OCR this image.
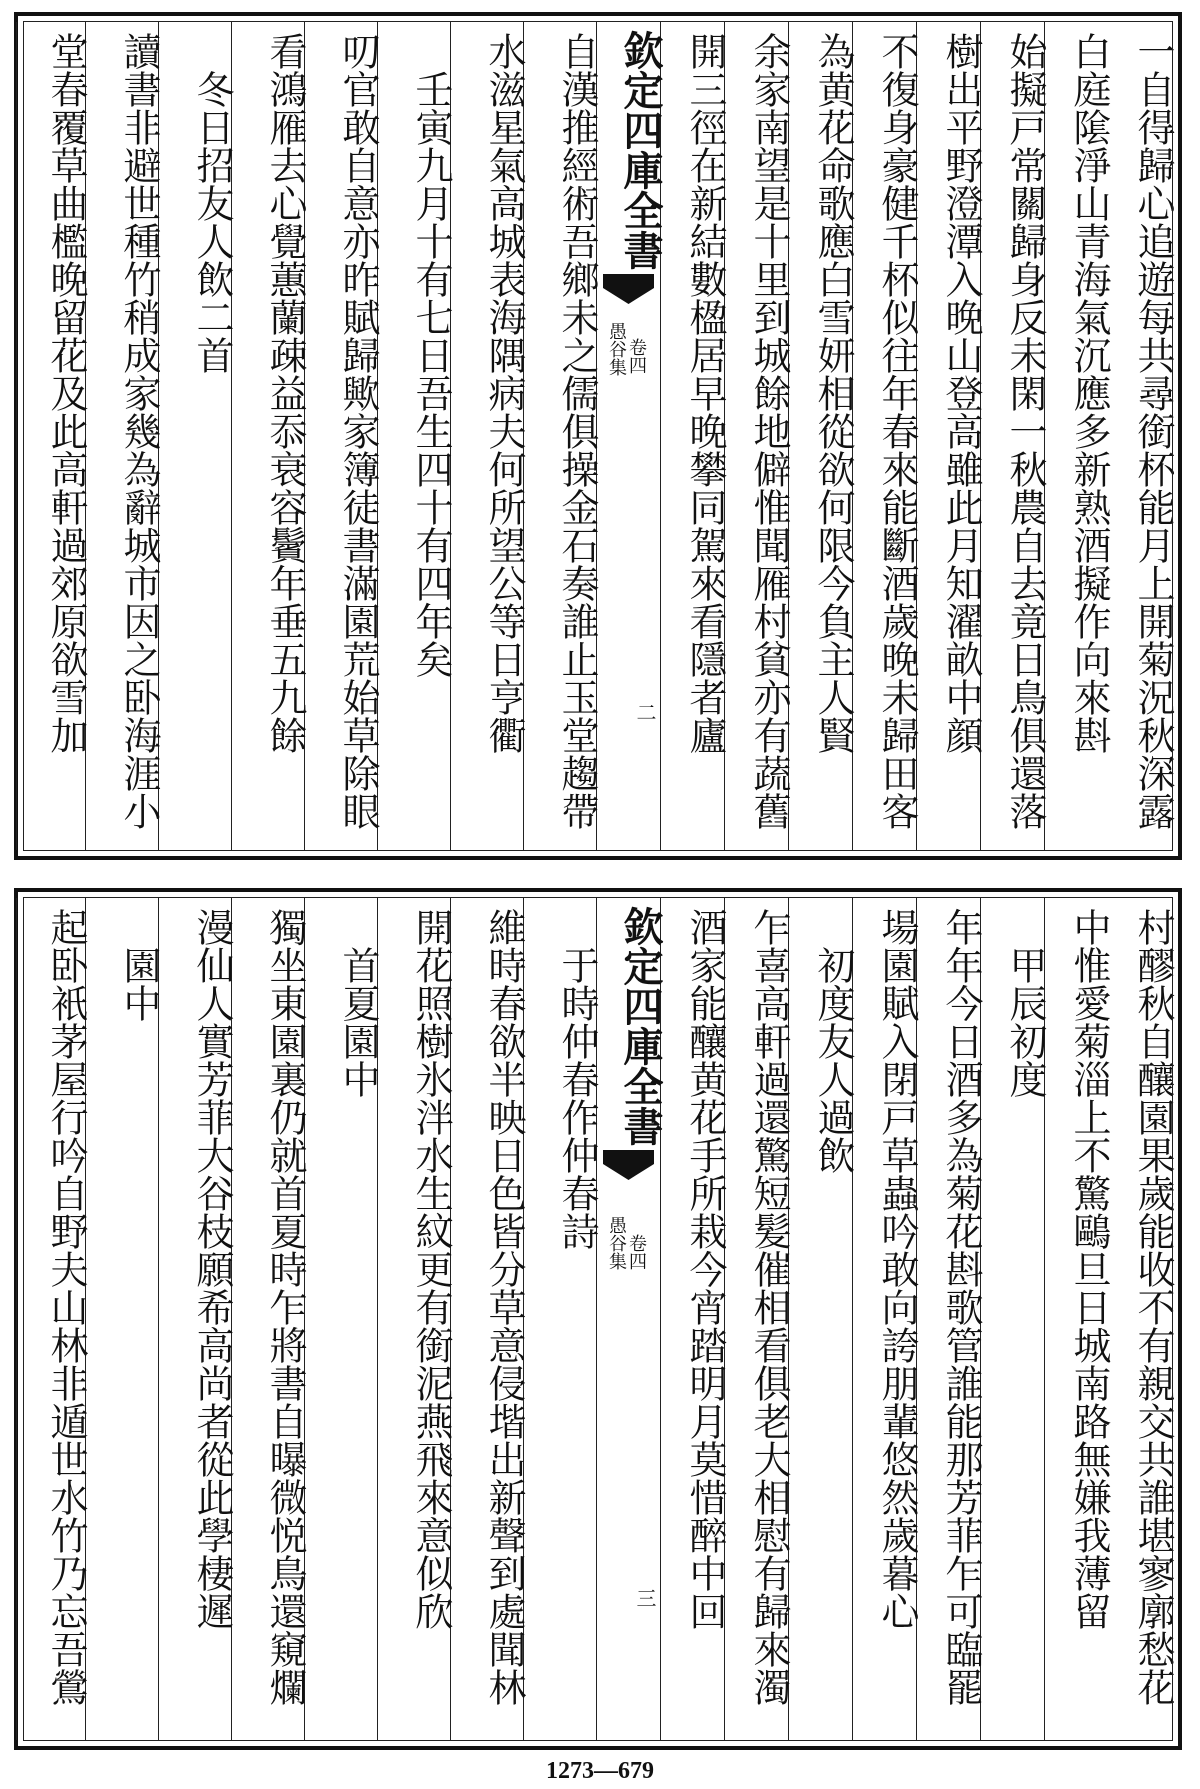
一自得歸心追遊每共尋銜杯能月上開菊況秋深露
白庭隂淨山青海氣沉應多新熟酒擬作向來斟
始擬戸常關歸身反未閑一秋農自去竟日鳥俱還落
樹出平野澄潭入晚山登高雖此月知濯畝中顔
不復身豪健千杯似往年春來能斷酒歲晚未歸田客
為黄花命歌應白雪妍相從欲何限今負主人賢
余家南望是十里到城餘地僻惟聞雁村貧亦有蔬舊
開三徑在新結數楹居早晚攀同駕來看隱者廬
欽定四庫全書
愚谷集 卷四
二
自漢推經術吾鄉未之儒俱操金石奏誰止玉堂趨帶
水滋星氣高城表海隅病夫何所望公等日亨衢
　壬寅九月十有七日吾生四十有四年矣
叨官敢自意亦昨賦歸歟家簿徒書滿園荒始草除眼
看鴻雁去心覺蕙蘭疎益忝衰容鬢年垂五九餘
　冬日招友人飲二首
讀書非避世種竹稍成家幾為辭城市因之卧海涯小
堂春覆草曲檻晚留花及此高軒過郊原欲雪加
村醪秋自釀園果歲能收不有親交共誰堪寥廓愁花
中惟愛菊淄上不驚鷗旦日城南路無嫌我薄留
　甲辰初度
年年今日酒多為菊花斟歌管誰能那芳菲乍可臨罷
場園賦入閉戸草蟲吟敢向誇朋輩悠然歲暮心
　初度友人過飲
乍喜高軒過還驚短髪催相看俱老大相慰有歸來濁
酒家能釀黄花手所栽今宵踏明月莫惜醉中回
欽定四庫全書
愚谷集 卷四
三
　于時仲春作仲春詩
維時春欲半映日色皆分草意侵堦出新聲到處聞林
開花照樹氷泮水生紋更有銜泥燕飛來意似欣
　首夏園中
獨坐東園裏仍就首夏時乍將書自曝微悦鳥還窺爛
漫仙人實芳菲大谷枝願希高尚者從此學棲遲
　園中
起卧衹茅屋行吟自野夫山林非遁世水竹乃忘吾鶯
1273—679
